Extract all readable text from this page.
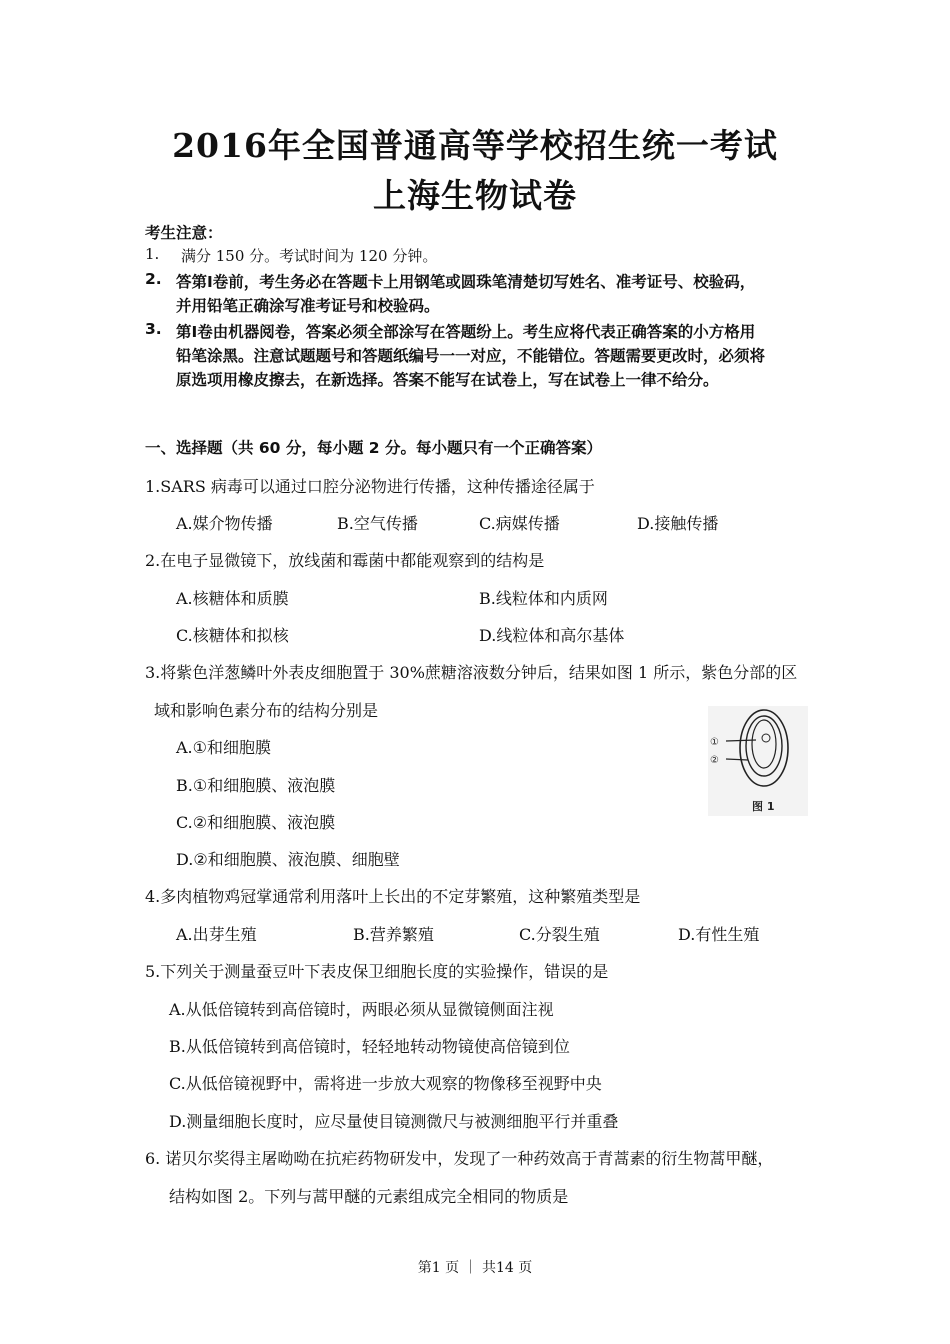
2016年全国普通高等学校招生统一考试
上海生物试卷
考生注意：
1. 满分 150 分。考试时间为 120 分钟。
2. 答第Ⅰ卷前，考生务必在答题卡上用钢笔或圆珠笔清楚切写姓名、准考证号、校验码，
并用铅笔正确涂写准考证号和校验码。
3. 第Ⅰ卷由机器阅卷，答案必须全部涂写在答题纷上。考生应将代表正确答案的小方格用
铅笔涂黑。注意试题题号和答题纸编号一一对应，不能错位。答题需要更改时，必须将
原选项用橡皮擦去，在新选择。答案不能写在试卷上，写在试卷上一律不给分。
一、选择题（共 60 分，每小题 2 分。每小题只有一个正确答案）
1.SARS 病毒可以通过口腔分泌物进行传播，这种传播途径属于
A.媒介物传播	B.空气传播	C.病媒传播	D.接触传播
2.在电子显微镜下，放线菌和霉菌中都能观察到的结构是
A.核糖体和质膜	B.线粒体和内质网
C.核糖体和拟核	D.线粒体和高尔基体
3.将紫色洋葱鳞叶外表皮细胞置于 30%蔗糖溶液数分钟后，结果如图 1 所示，紫色分部的区
域和影响色素分布的结构分别是
A.①和细胞膜
B.①和细胞膜、液泡膜
C.②和细胞膜、液泡膜
D.②和细胞膜、液泡膜、细胞壁
①
②
图 1
4.多肉植物鸡冠掌通常利用落叶上长出的不定芽繁殖，这种繁殖类型是
A.出芽生殖	B.营养繁殖	C.分裂生殖	D.有性生殖
5.下列关于测量蚕豆叶下表皮保卫细胞长度的实验操作，错误的是
A.从低倍镜转到高倍镜时，两眼必须从显微镜侧面注视
B.从低倍镜转到高倍镜时，轻轻地转动物镜使高倍镜到位
C.从低倍镜视野中，需将进一步放大观察的物像移至视野中央
D.测量细胞长度时，应尽量使目镜测微尺与被测细胞平行并重叠
6. 诺贝尔奖得主屠呦呦在抗疟药物研发中，发现了一种药效高于青蒿素的衍生物蒿甲醚，
结构如图 2。下列与蒿甲醚的元素组成完全相同的物质是
第1 页 ｜ 共14 页
